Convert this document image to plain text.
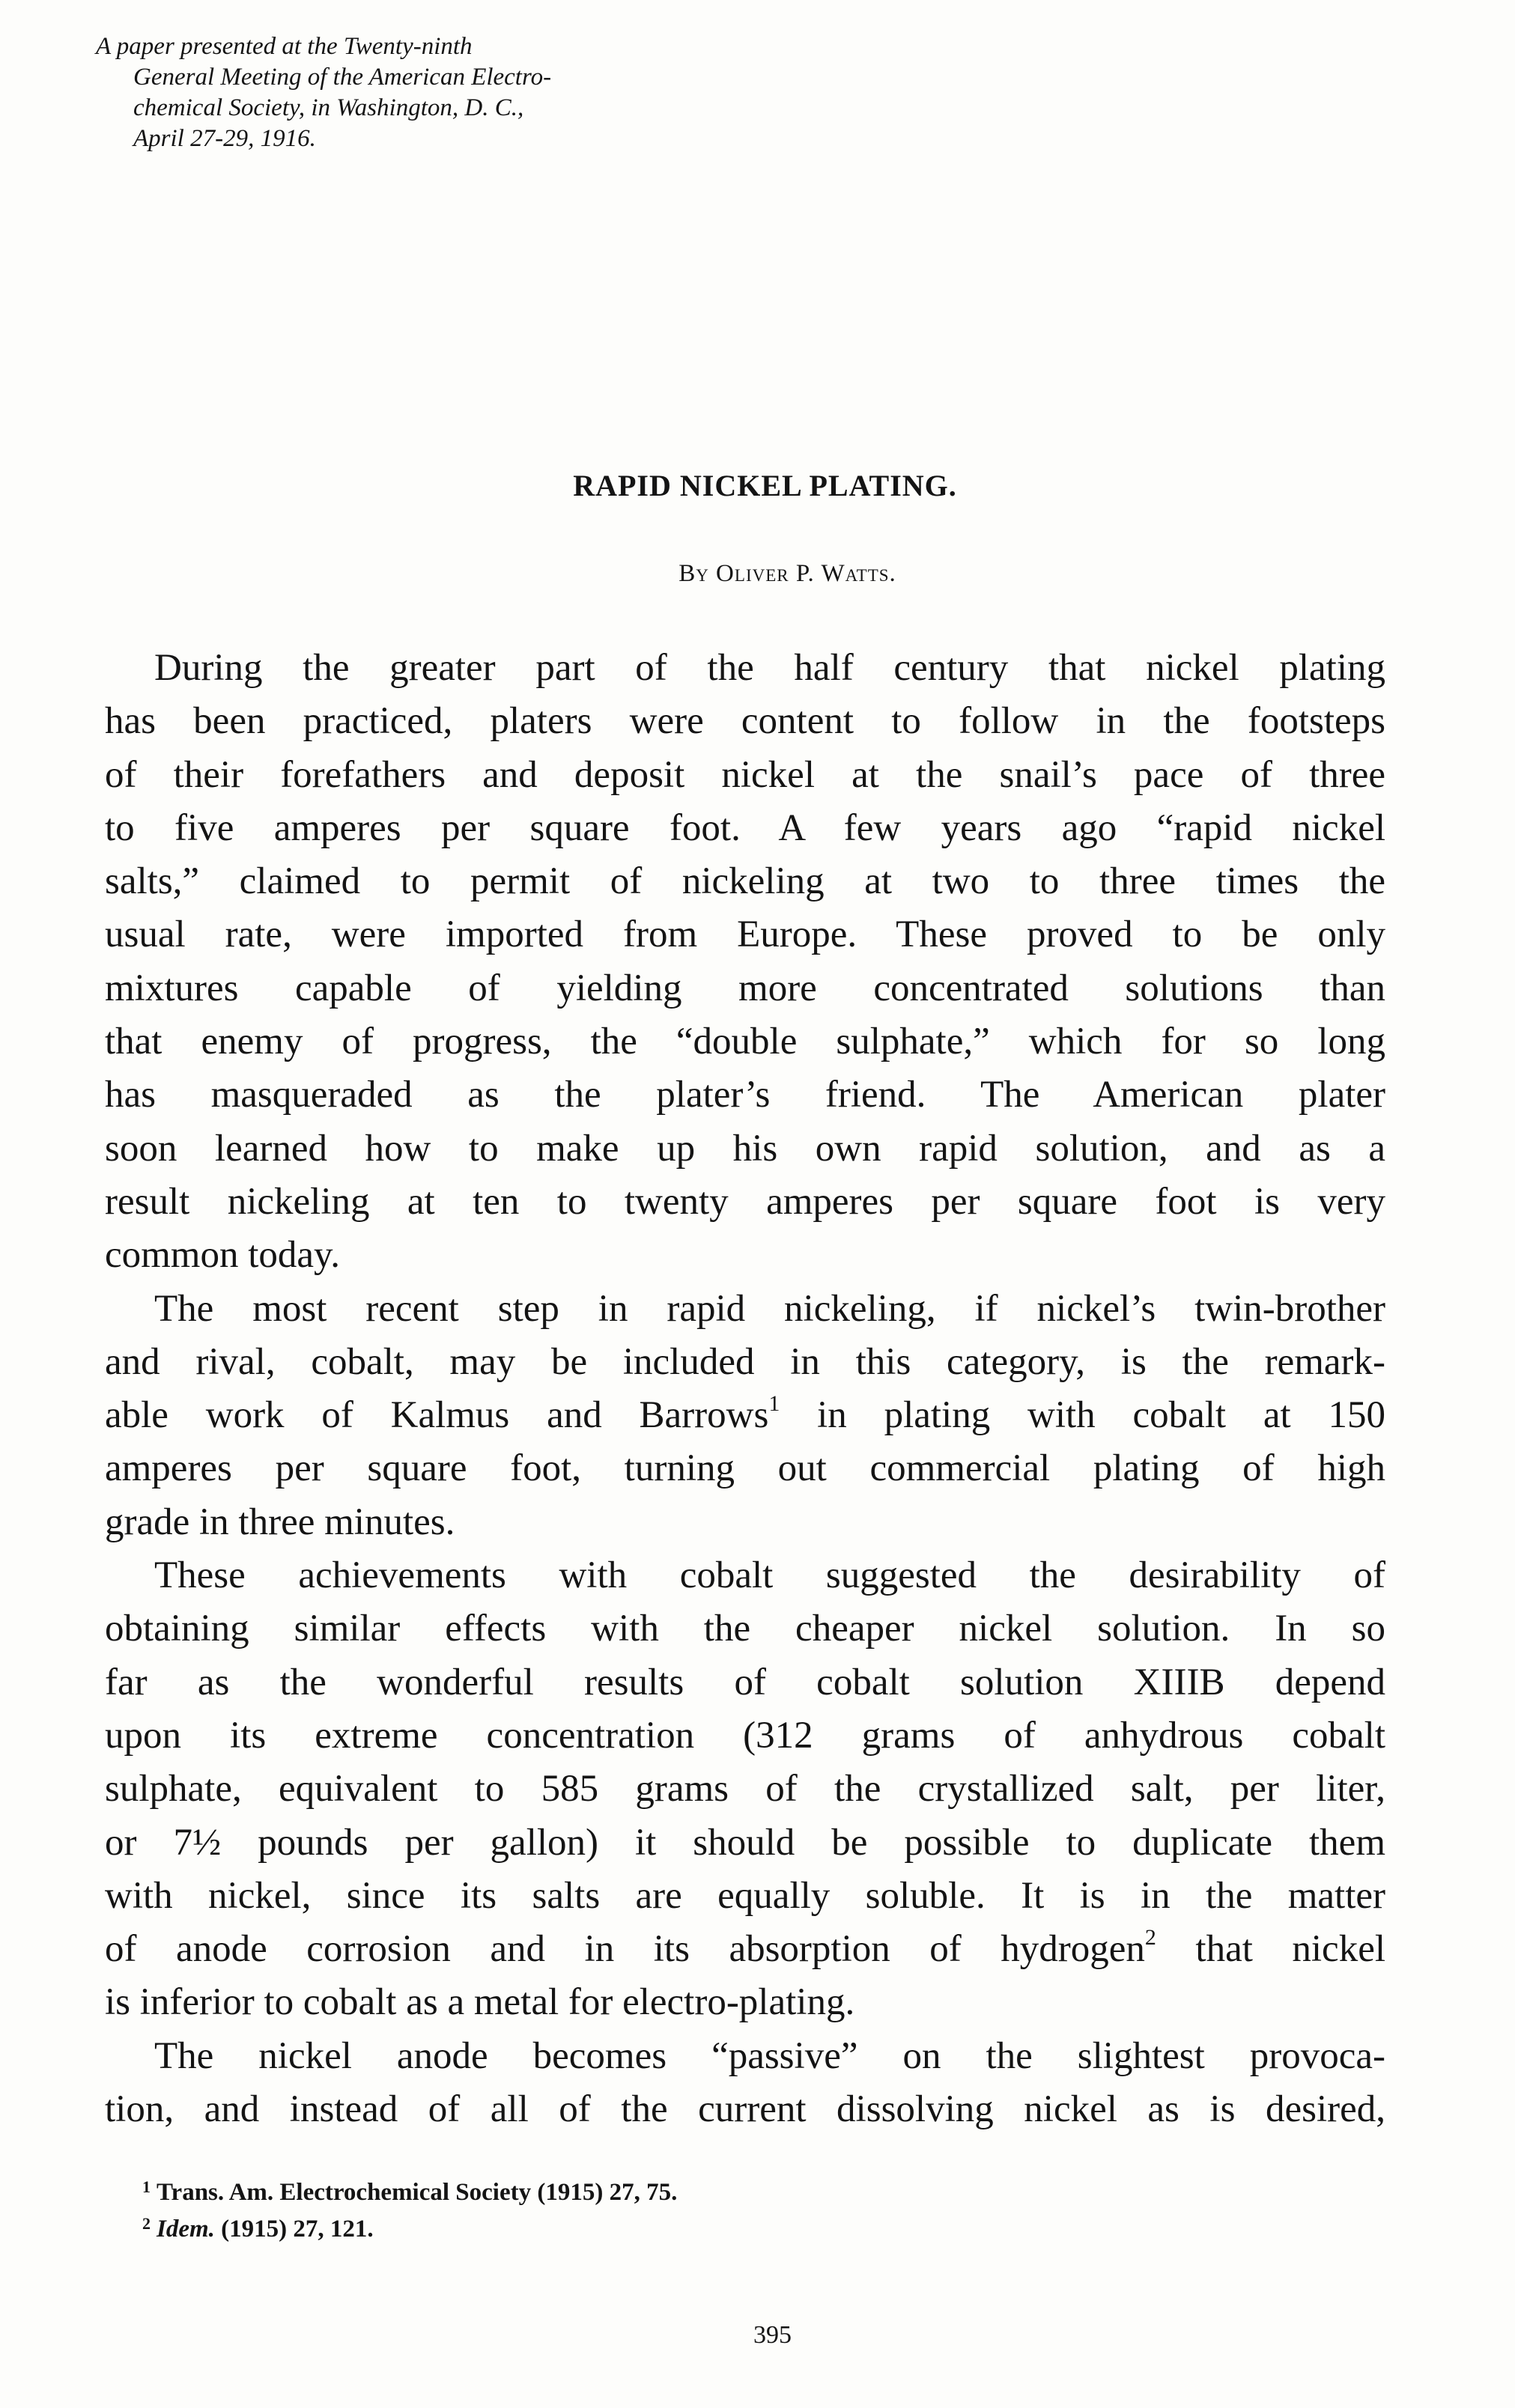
A paper presented at the Twenty-ninth
General Meeting of the American Electro-
chemical Society, in Washington, D. C.,
April 27-29, 1916.
RAPID NICKEL PLATING.
By Oliver P. Watts.
During the greater part of the half century that nickel plating
has been practiced, platers were content to follow in the footsteps
of their forefathers and deposit nickel at the snail’s pace of three
to five amperes per square foot. A few years ago “rapid nickel
salts,” claimed to permit of nickeling at two to three times the
usual rate, were imported from Europe. These proved to be only
mixtures capable of yielding more concentrated solutions than
that enemy of progress, the “double sulphate,” which for so long
has masqueraded as the plater’s friend. The American plater
soon learned how to make up his own rapid solution, and as a
result nickeling at ten to twenty amperes per square foot is very
common today.
The most recent step in rapid nickeling, if nickel’s twin-brother
and rival, cobalt, may be included in this category, is the remark-
able work of Kalmus and Barrows$^1$ in plating with cobalt at 150
amperes per square foot, turning out commercial plating of high
grade in three minutes.
These achievements with cobalt suggested the desirability of
obtaining similar effects with the cheaper nickel solution. In so
far as the wonderful results of cobalt solution XIIIB depend
upon its extreme concentration (312 grams of anhydrous cobalt
sulphate, equivalent to 585 grams of the crystallized salt, per liter,
or 7½ pounds per gallon) it should be possible to duplicate them
with nickel, since its salts are equally soluble. It is in the matter
of anode corrosion and in its absorption of hydrogen$^2$ that nickel
is inferior to cobalt as a metal for electro-plating.
The nickel anode becomes “passive” on the slightest provoca-
tion, and instead of all of the current dissolving nickel as is desired,
$^1$ Trans. Am. Electrochemical Society (1915) 27, 75.
$^2$ Idem. (1915) 27, 121.
395
